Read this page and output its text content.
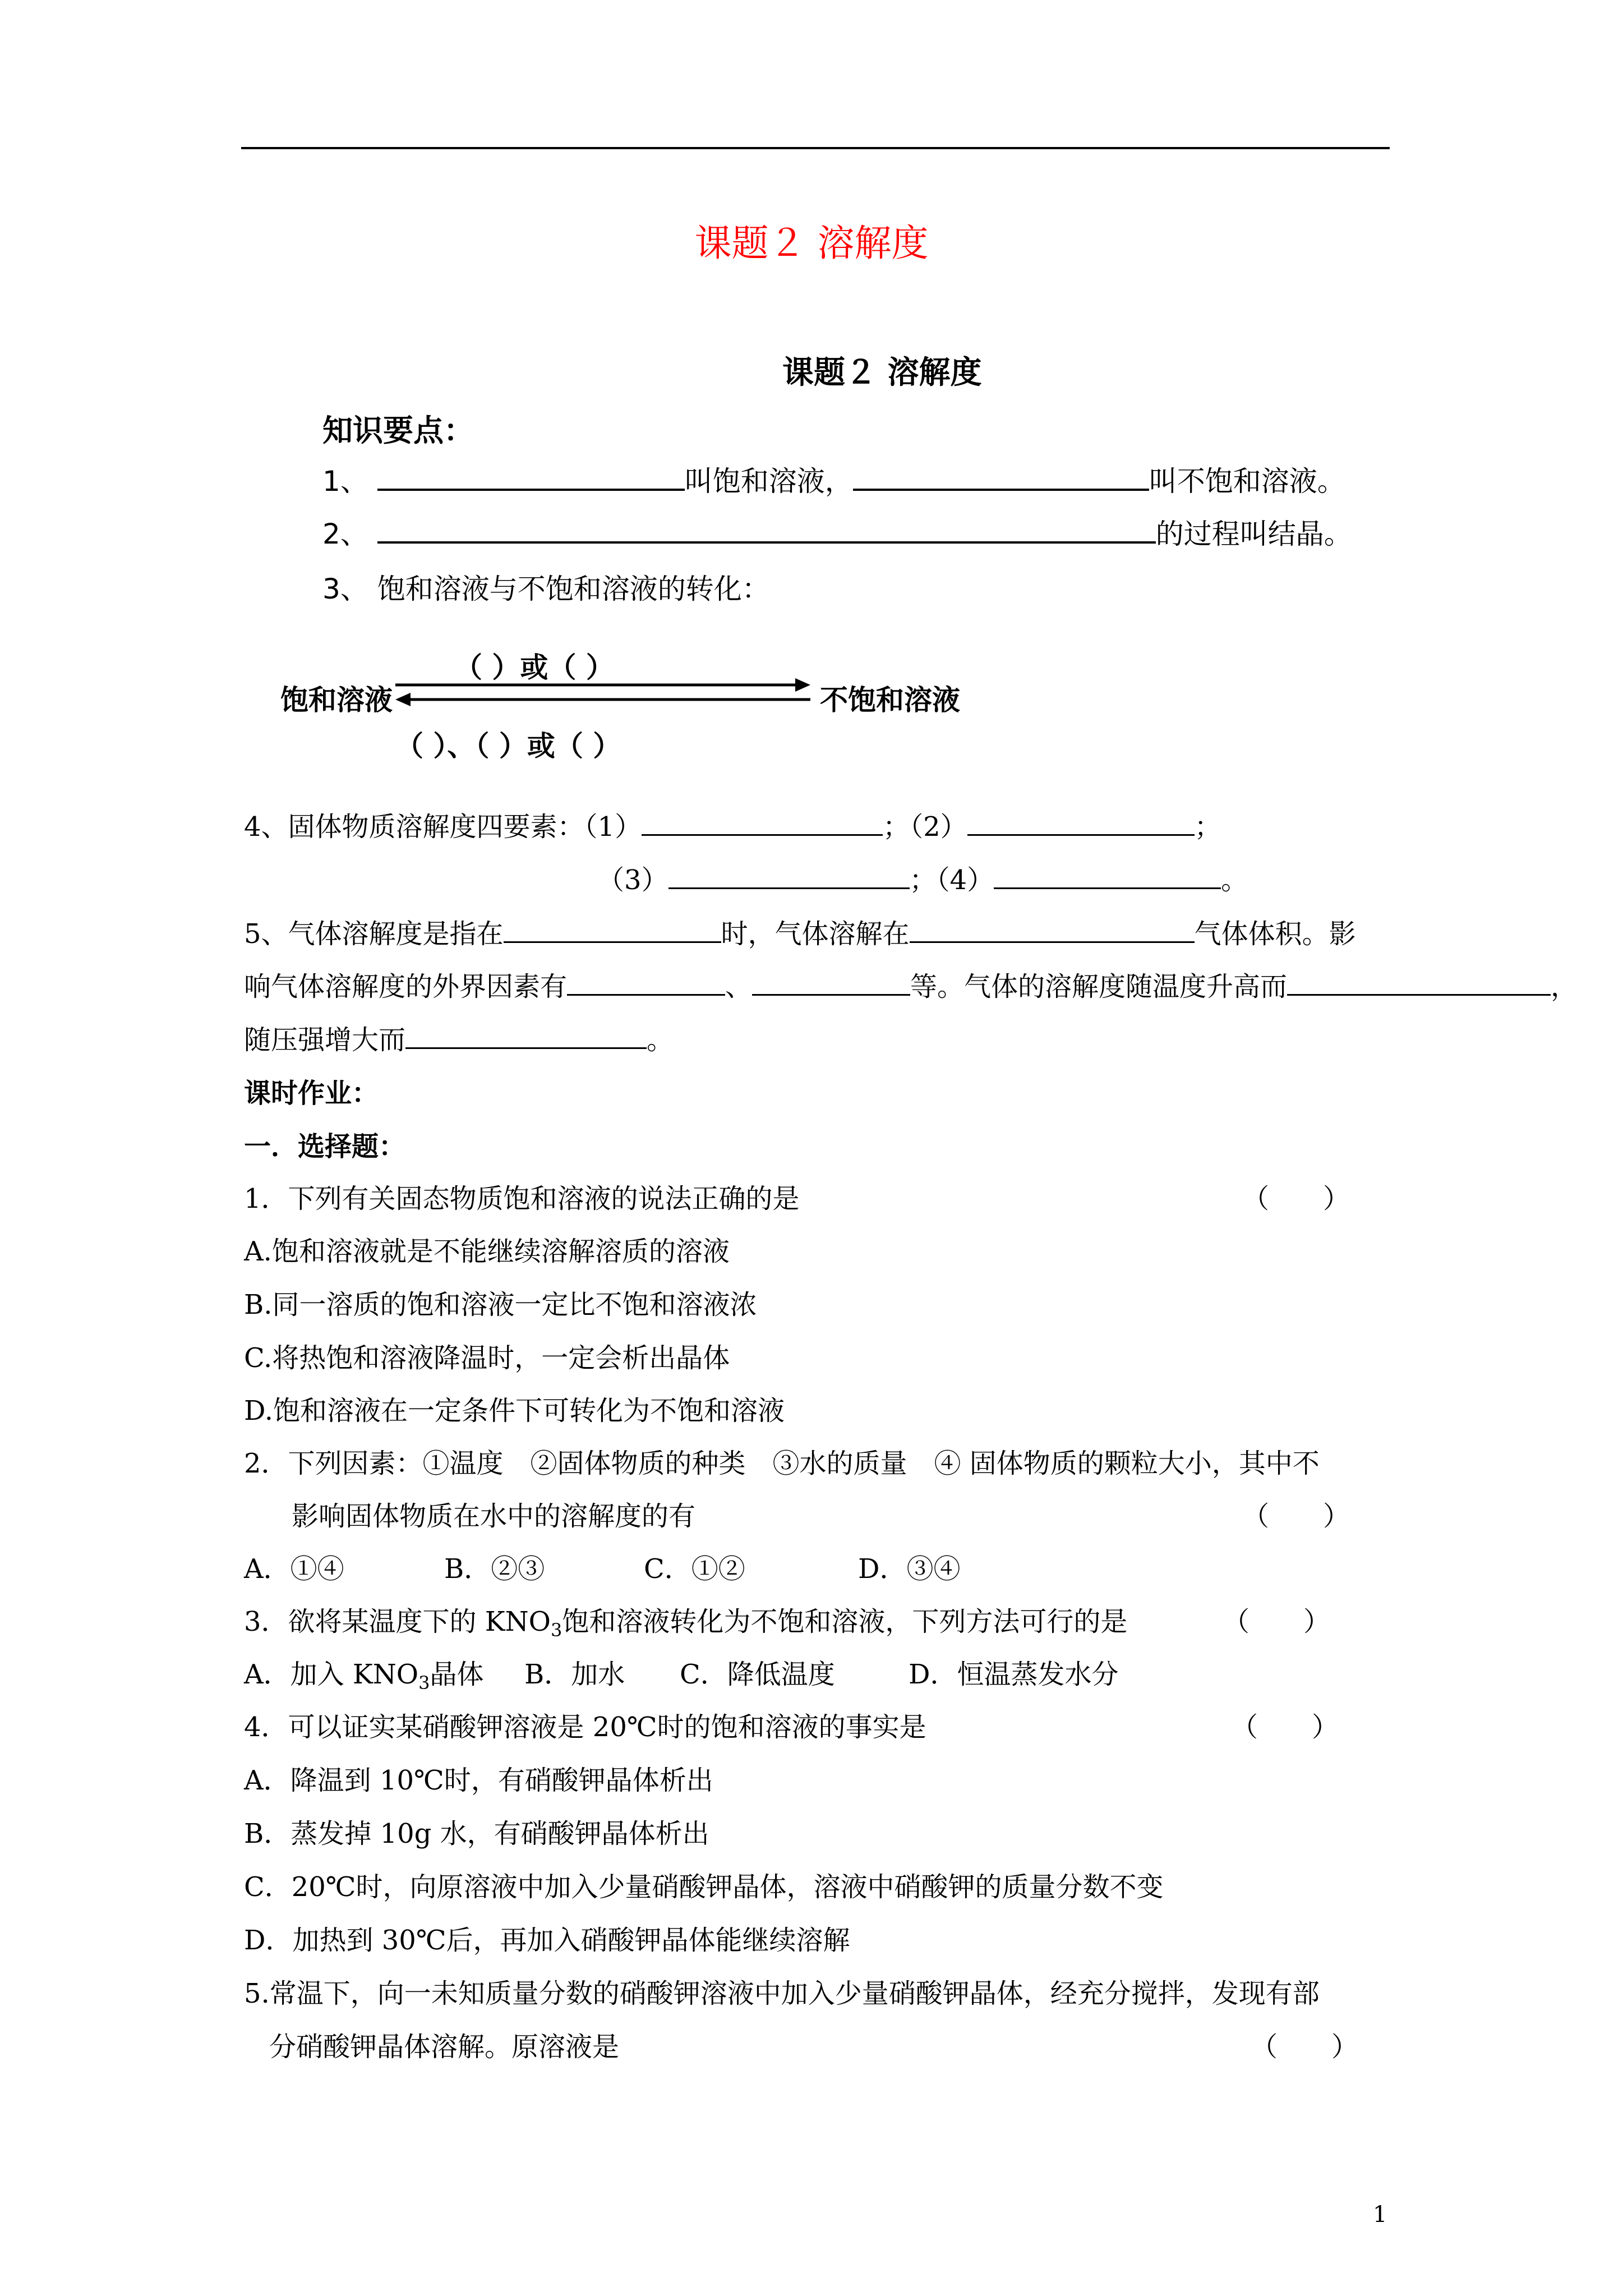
课题２ 溶解度
课题２ 溶解度
知识要点：
1、	叫饱和溶液，	叫不饱和溶液。
2、	的过程叫结晶。
3、 饱和溶液与不饱和溶液的转化：
饱和溶液	不饱和溶液
（ ）或（ ）
（ ）、（ ）或（ ）
4、固体物质溶解度四要素：（1）	；（2）	；
（3）	；（4）	。
5、气体溶解度是指在	时，气体溶解在	气体体积。影
响气体溶解度的外界因素有	、	等。气体的溶解度随温度升高而	，
随压强增大而	。
课时作业：
一．选择题：
1．下列有关固态物质饱和溶液的说法正确的是	（　　）
A.饱和溶液就是不能继续溶解溶质的溶液
B.同一溶质的饱和溶液一定比不饱和溶液浓
C.将热饱和溶液降温时，一定会析出晶体
D.饱和溶液在一定条件下可转化为不饱和溶液
2．下列因素：①温度　②固体物质的种类　③水的质量　④ 固体物质的颗粒大小，其中不
影响固体物质在水中的溶解度的有	（　　）
A．①④	B．②③	C．①②	D．③④
3．欲将某温度下的 $KNO_3$饱和溶液转化为不饱和溶液，下列方法可行的是	（　　）
A．加入 $KNO_3$晶体 B．加水 C．降低温度	D．恒温蒸发水分
4．可以证实某硝酸钾溶液是 20℃时的饱和溶液的事实是	（　　）
A．降温到 10℃时，有硝酸钾晶体析出
B．蒸发掉 10g 水，有硝酸钾晶体析出
C．20℃时，向原溶液中加入少量硝酸钾晶体，溶液中硝酸钾的质量分数不变
D．加热到 30℃后，再加入硝酸钾晶体能继续溶解
5.常温下，向一未知质量分数的硝酸钾溶液中加入少量硝酸钾晶体，经充分搅拌，发现有部
分硝酸钾晶体溶解。原溶液是	（　　）
1
